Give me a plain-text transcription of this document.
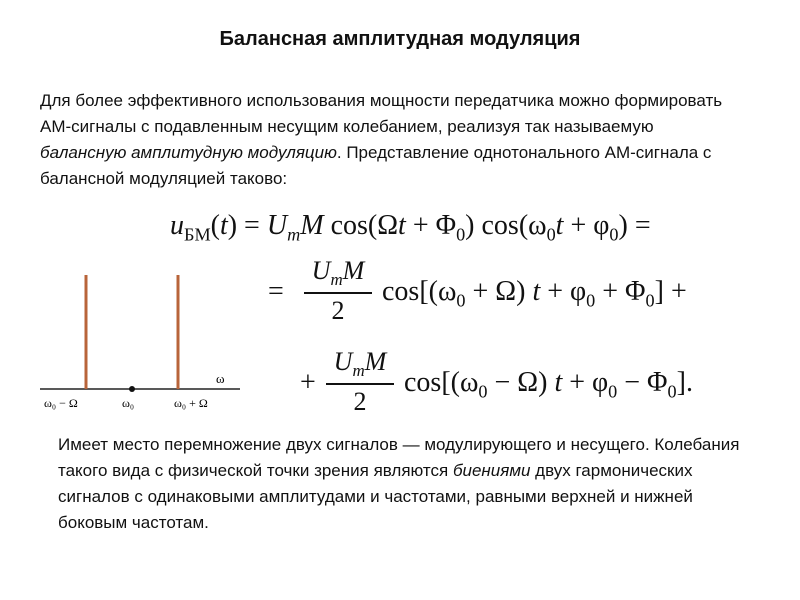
Балансная амплитудная модуляция

Для более эффективного использования мощности передатчика можно формировать АМ-сигналы с подавленным несущим колебанием, реализуя так называемую балансную амплитудную модуляцию. Представление однотонального АМ-сигнала с балансной модуляцией таково:

$u_{БМ}(t) = U_mM$ $\cos(\Omega t + \Phi_0)$ $\cos(\omega_0t + \varphi_0)$ =
=
$U_mM$
2
$\cos[(\omega_0 + \Omega) t + \varphi_0 + \Phi_0]$ +
+
$U_mM$
2
$\cos[(\omega_0 - \Omega) t + \varphi_0 - \Phi_0]$.
ω
ω₀ − Ω	ω₀	ω₀ + Ω

Имеет место перемножение двух сигналов — модулирующего и несущего. Колебания такого вида с физической точки зрения являются биениями двух гармонических сигналов с одинаковыми амплитудами и частотами, равными верхней и нижней боковым частотам.
